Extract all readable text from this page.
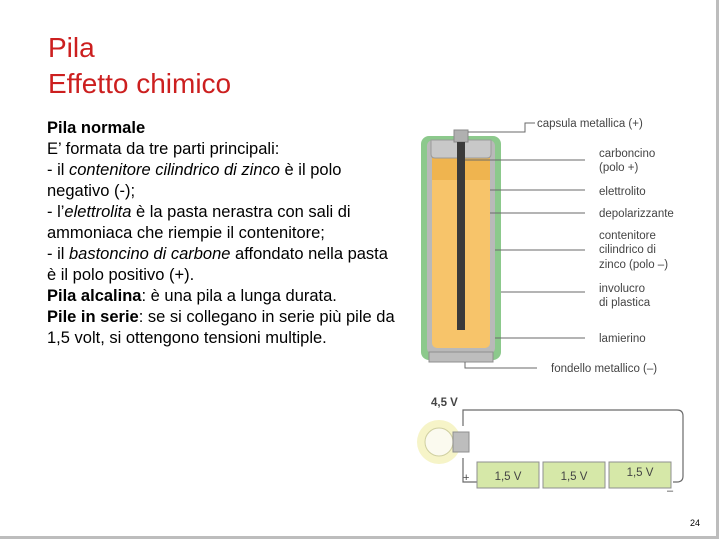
Pila
Effetto chimico

Pila normale
E’ formata da tre parti principali:
- il contenitore cilindrico di zinco è il polo negativo (-);
- l’elettrolita è la pasta nerastra con sali di ammoniaca che riempie il contenitore;
- il bastoncino di carbone affondato nella pasta è il polo positivo (+).

Pila alcalina: è una pila a lunga durata.

Pile in serie: se si collegano in serie più pile da 1,5 volt, si ottengono tensioni multiple.

capsula metallica (+)
carboncino
(polo +)
elettrolito
depolarizzante
contenitore
cilindrico di
zinco (polo –)
involucro
di plastica
lamierino
fondello metallico (–)
4,5 V
–
1,5 V	1,5 V	1,5 V
+
–
24
